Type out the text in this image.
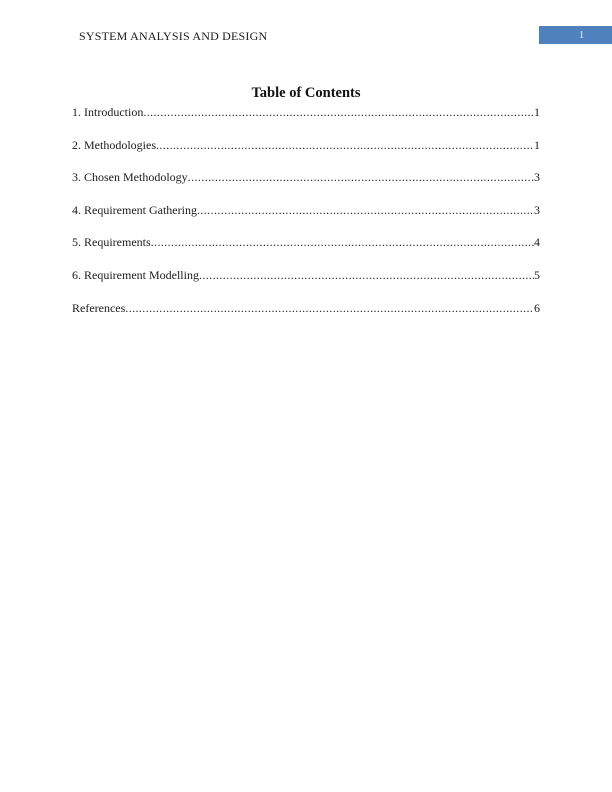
SYSTEM ANALYSIS AND DESIGN	1
Table of Contents
1. Introduction .....	1
2. Methodologies .....	1
3. Chosen Methodology .....	3
4. Requirement Gathering .....	3
5. Requirements .....	4
6. Requirement Modelling .....	5
References .....	6
